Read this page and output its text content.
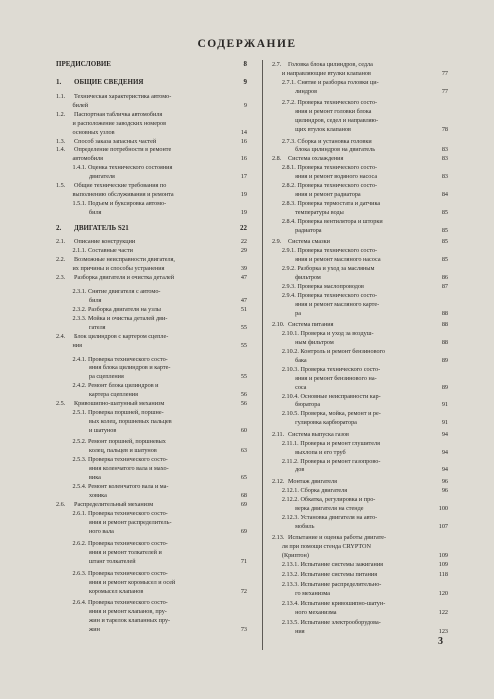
СОДЕРЖАНИЕ
ПРЕДИСЛОВИЕ	8
1.	ОБЩИЕ СВЕДЕНИЯ	9
1.1.	Техническая характеристика автомо-
билей	9
1.2.	Паспортная табличка автомобиля
и расположение заводских номеров
основных узлов	14
1.3.	Способ заказа запасных частей	16
1.4.	Определение потребности в ремонте
автомобиля	16
1.4.1. Оценка технического состояния
двигателя	17
1.5.	Общие технические требования по
выполнению обслуживания и ремонта	19
1.5.1. Подъем и буксировка автомо-
биля	19
2.	ДВИГАТЕЛЬ S21	22
2.1.	Описание конструкции	22
2.1.1. Составные части	29
2.2.	Возможные неисправности двигателя,
их причины и способы устранения	39
2.3.	Разборка двигателя и очистка деталей	47
2.3.1. Снятие двигателя с автомо-
биля	47
2.3.2. Разборка двигателя на узлы	51
2.3.3. Мойка и очистка деталей дви-
гателя	55
2.4.	Блок цилиндров с картером сцепле-
ния	55
2.4.1. Проверка технического состо-
яния блока цилиндров и карте-
ра сцепления	55
2.4.2. Ремонт блока цилиндров и
картера сцепления	56
2.5.	Кривошипно-шатунный механизм	56
2.5.1. Проверка поршней, поршне-
вых колец, поршневых пальцев
и шатунов	60
2.5.2. Ремонт поршней, поршневых
колец, пальцев и шатунов	63
2.5.3. Проверка технического состо-
яния коленчатого вала и махо-
вика	65
2.5.4. Ремонт коленчатого вала и ма-
ховика	68
2.6.	Распределительный механизм	69
2.6.1. Проверка технического состо-
яния и ремонт распределитель-
ного вала	69
2.6.2. Проверка технического состо-
яния и ремонт толкателей и
штанг толкателей	71
2.6.3. Проверка технического состо-
яния и ремонт коромысел и осей
коромысел клапанов	72
2.6.4. Проверка технического состо-
яния и ремонт клапанов, пру-
жин и тарелок клапанных пру-
жин	73
2.7.	Головка блока цилиндров, седла
и направляющие втулки клапанов	77
2.7.1. Снятие и разборка головки ци-
линдров	77
2.7.2. Проверка технического состо-
яния и ремонт головки блока
цилиндров, седел и направляю-
щих втулок клапанов	78
2.7.3. Сборка и установка головки
блока цилиндров на двигатель	83
2.8.	Система охлаждения	83
2.8.1. Проверка технического состо-
яния и ремонт водяного насоса	83
2.8.2. Проверка технического состо-
яния и ремонт радиатора	84
2.8.3. Проверка термостата и датчика
температуры воды	85
2.8.4. Проверка вентилятора и шторки
радиатора	85
2.9.	Система смазки	85
2.9.1. Проверка технического состо-
яния и ремонт масляного насоса	85
2.9.2. Разборка и уход за масляным
фильтром	86
2.9.3. Проверка маслопроводов	87
2.9.4. Проверка технического состо-
яния и ремонт масляного карте-
ра	88
2.10. Система питания	88
2.10.1. Проверка и уход за воздуш-
ным фильтром	88
2.10.2. Контроль и ремонт бензинового
бака	89
2.10.3. Проверка технического состо-
яния и ремонт бензинового на-
coca	89
2.10.4. Основные неисправности кар-
бюратора	91
2.10.5. Проверка, мойка, ремонт и ре-
гулировка карбюратора	91
2.11. Система выпуска газов	94
2.11.1. Проверка и ремонт глушителя
выхлопа и его труб	94
2.11.2. Проверка и ремонт газопрово-
дов	94
2.12. Монтаж двигателя	96
2.12.1. Сборка двигателя	96
2.12.2. Обкатка, регулировка и про-
верка двигателя на стенде	100
2.12.3. Установка двигателя на авто-
мобиль	107
2.13. Испытание и оценка работы двигате-
ля при помощи стенда CRYPTON
(Криптон)	109
2.13.1. Испытание системы зажигания	109
2.13.2. Испытание системы питания	118
2.13.3. Испытание распределительно-
го механизма	120
2.13.4. Испытание кривошипно-шатун-
ного механизма	122
2.13.5. Испытание электрооборудова-
ния	123
3
